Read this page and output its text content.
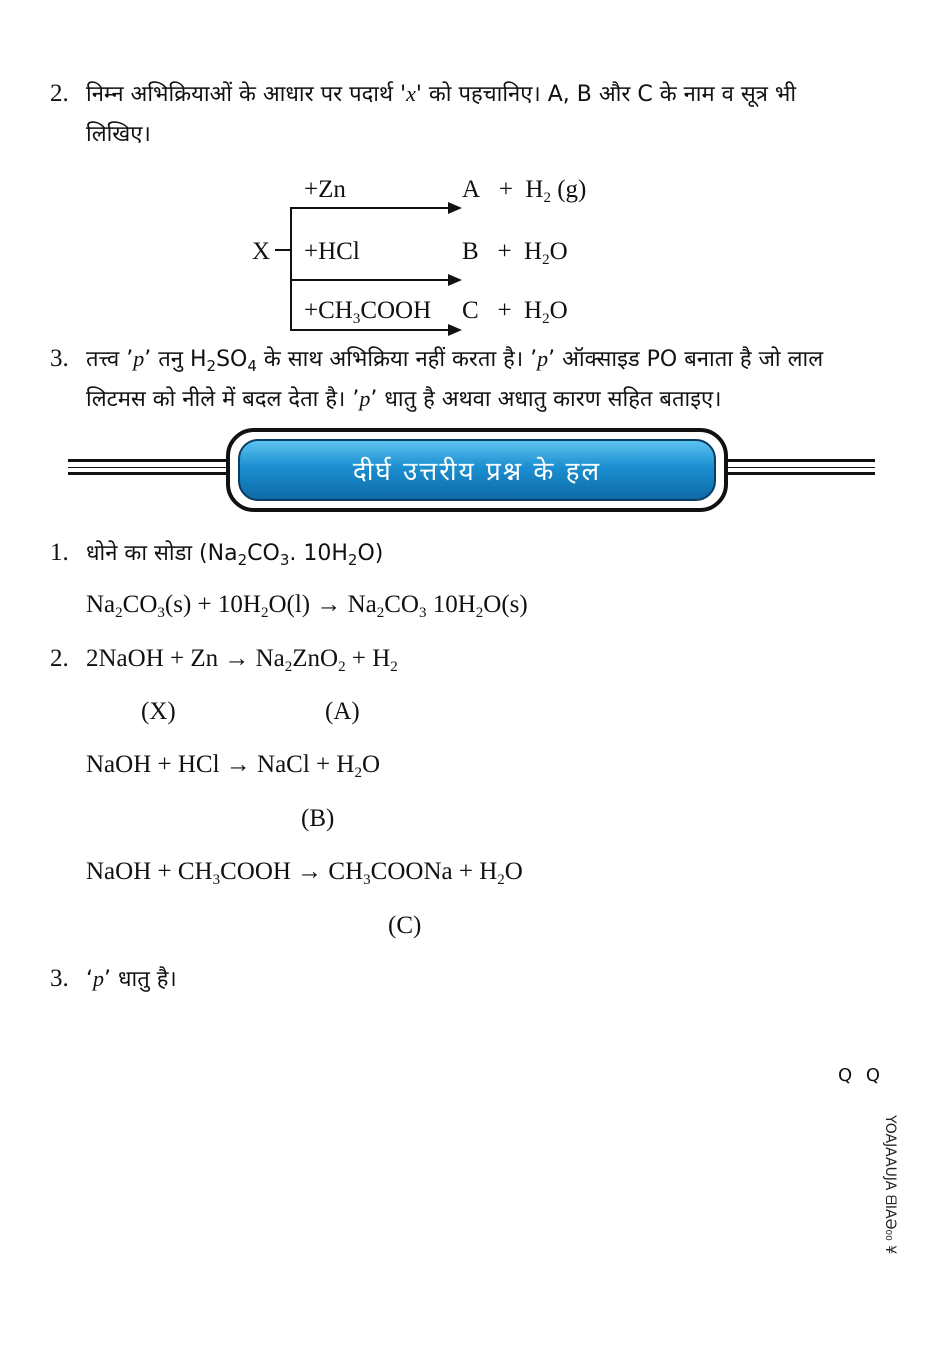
2. निम्न अभिक्रियाओं के आधार पर पदार्थ 'x' को पहचानिए। A, B और C के नाम व सूत्र भी
लिखिए।
+Zn
X +HCl
$+CH_3COOH$
$A + H_2$ (g)
$B + H_2O$
$C + H_2O$
3. तत्त्व ’p’ तनु $H_2SO_4$ के साथ अभिक्रिया नहीं करता है। ’p’ ऑक्साइड PO बनाता है जो लाल
लिटमस को नीले में बदल देता है। ’p’ धातु है अथवा अधातु कारण सहित बताइए।
दीर्घ उत्तरीय प्रश्न के हल
1. धोने का सोडा ($Na_2CO_3$. $10H_2O$)
$Na_2CO_3(s) + 10H_2O(l) \to Na_2CO_3$ $10H_2O(s)$
2. 2NaOH + $Zn \to Na_2ZnO_2 + H_2$
(X)	(A)
NaOH + HCl → NaCl + $H_2O$
(B)
NaOH + $CH_3COOH$ → $CH_3COONa + H_2O$
(C)
3. ‘p’ धातु है।
Q Q
YOAJAAUJA ᗺIAƏ₀₀ ¥
